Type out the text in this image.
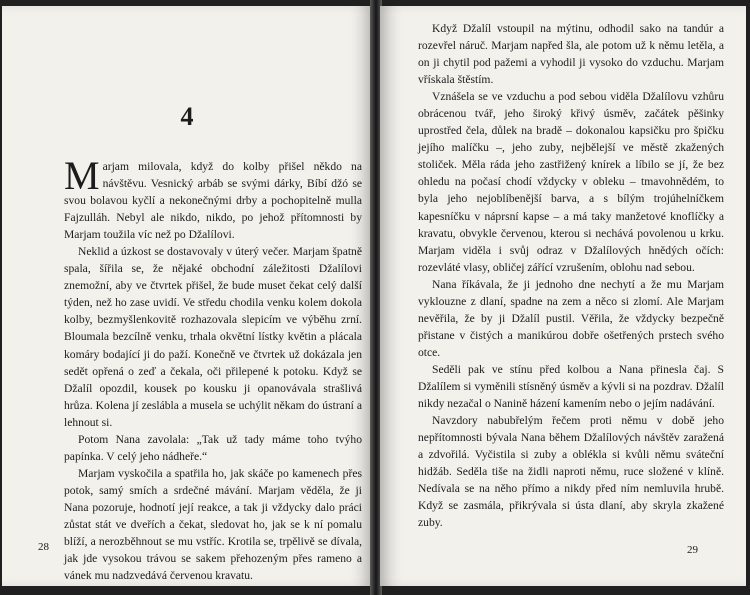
4

Marjam milovala, když do kolby přišel někdo na návštěvu. Vesnický arbáb se svými dárky, Bíbí džó se svou bolavou kyčlí a nekonečnými drby a pochopitelně mulla Fajzulláh. Nebyl ale nikdo, nikdo, po jehož přítomnosti by Marjam toužila víc než po Džalílovi.

Neklid a úzkost se dostavovaly v úterý večer. Marjam špatně spala, šířila se, že nějaké obchodní záležitosti Džalílovi znemožní, aby ve čtvrtek přišel, že bude muset čekat celý další týden, než ho zase uvidí. Ve středu chodila venku kolem dokola kolby, bezmyšlenkovitě rozhazovala slepicím ve výběhu zrní. Bloumala bezcílně venku, trhala okvětní lístky květin a plácala komáry bodající ji do paží. Konečně ve čtvrtek už dokázala jen sedět opřená o zeď a čekala, oči přilepené k potoku. Když se Džalíl opozdil, kousek po kousku ji opanovávala strašlivá hrůza. Kolena jí zeslábla a musela se uchýlit někam do ústraní a lehnout si.

Potom Nana zavolala: „Tak už tady máme toho tvýho papínka. V celý jeho nádheře.“

Marjam vyskočila a spatřila ho, jak skáče po kamenech přes potok, samý smích a srdečné mávání. Marjam věděla, že ji Nana pozoruje, hodnotí její reakce, a tak ji vždycky dalo práci zůstat stát ve dveřích a čekat, sledovat ho, jak se k ní pomalu blíží, a nerozběhnout se mu vstříc. Krotila se, trpělivě se dívala, jak jde vysokou trávou se sakem přehozeným přes rameno a vánek mu nadzvedává červenou kravatu.

28

Když Džalíl vstoupil na mýtinu, odhodil sako na tandúr a rozevřel náruč. Marjam napřed šla, ale potom už k němu letěla, a on ji chytil pod pažemi a vyhodil ji vysoko do vzduchu. Marjam vřískala štěstím.

Vznášela se ve vzduchu a pod sebou viděla Džalílovu vzhůru obrácenou tvář, jeho široký křivý úsměv, začátek pěšinky uprostřed čela, důlek na bradě – dokonalou kapsičku pro špičku jejího malíčku –, jeho zuby, nejbělejší ve městě zkažených stoliček. Měla ráda jeho zastřižený knírek a líbilo se jí, že bez ohledu na počasí chodí vždycky v obleku – tmavohnědém, to byla jeho nejoblíbenější barva, a s bílým trojúhelníčkem kapesníčku v náprsní kapse – a má taky manžetové knoflíčky a kravatu, obvykle červenou, kterou si nechává povolenou u krku. Marjam viděla i svůj odraz v Džalílových hnědých očích: rozevláté vlasy, obličej zářící vzrušením, oblohu nad sebou.

Nana říkávala, že ji jednoho dne nechytí a že mu Marjam vyklouzne z dlaní, spadne na zem a něco si zlomí. Ale Marjam nevěřila, že by ji Džalíl pustil. Věřila, že vždycky bezpečně přistane v čistých a manikúrou dobře ošetřených prstech svého otce.

Seděli pak ve stínu před kolbou a Nana přinesla čaj. S Džalílem si vyměnili stísněný úsměv a kývli si na pozdrav. Džalíl nikdy nezačal o Nanině házení kamením nebo o jejím nadávání.

Navzdory nabubřelým řečem proti němu v době jeho nepřítomnosti bývala Nana během Džalílových návštěv zaražená a zdvořilá. Vyčistila si zuby a oblékla si kvůli němu sváteční hidžáb. Seděla tiše na židli naproti němu, ruce složené v klíně. Nedívala se na něho přímo a nikdy před ním nemluvila hrubě. Když se zasmála, přikrývala si ústa dlaní, aby skryla zkažené zuby.

29
